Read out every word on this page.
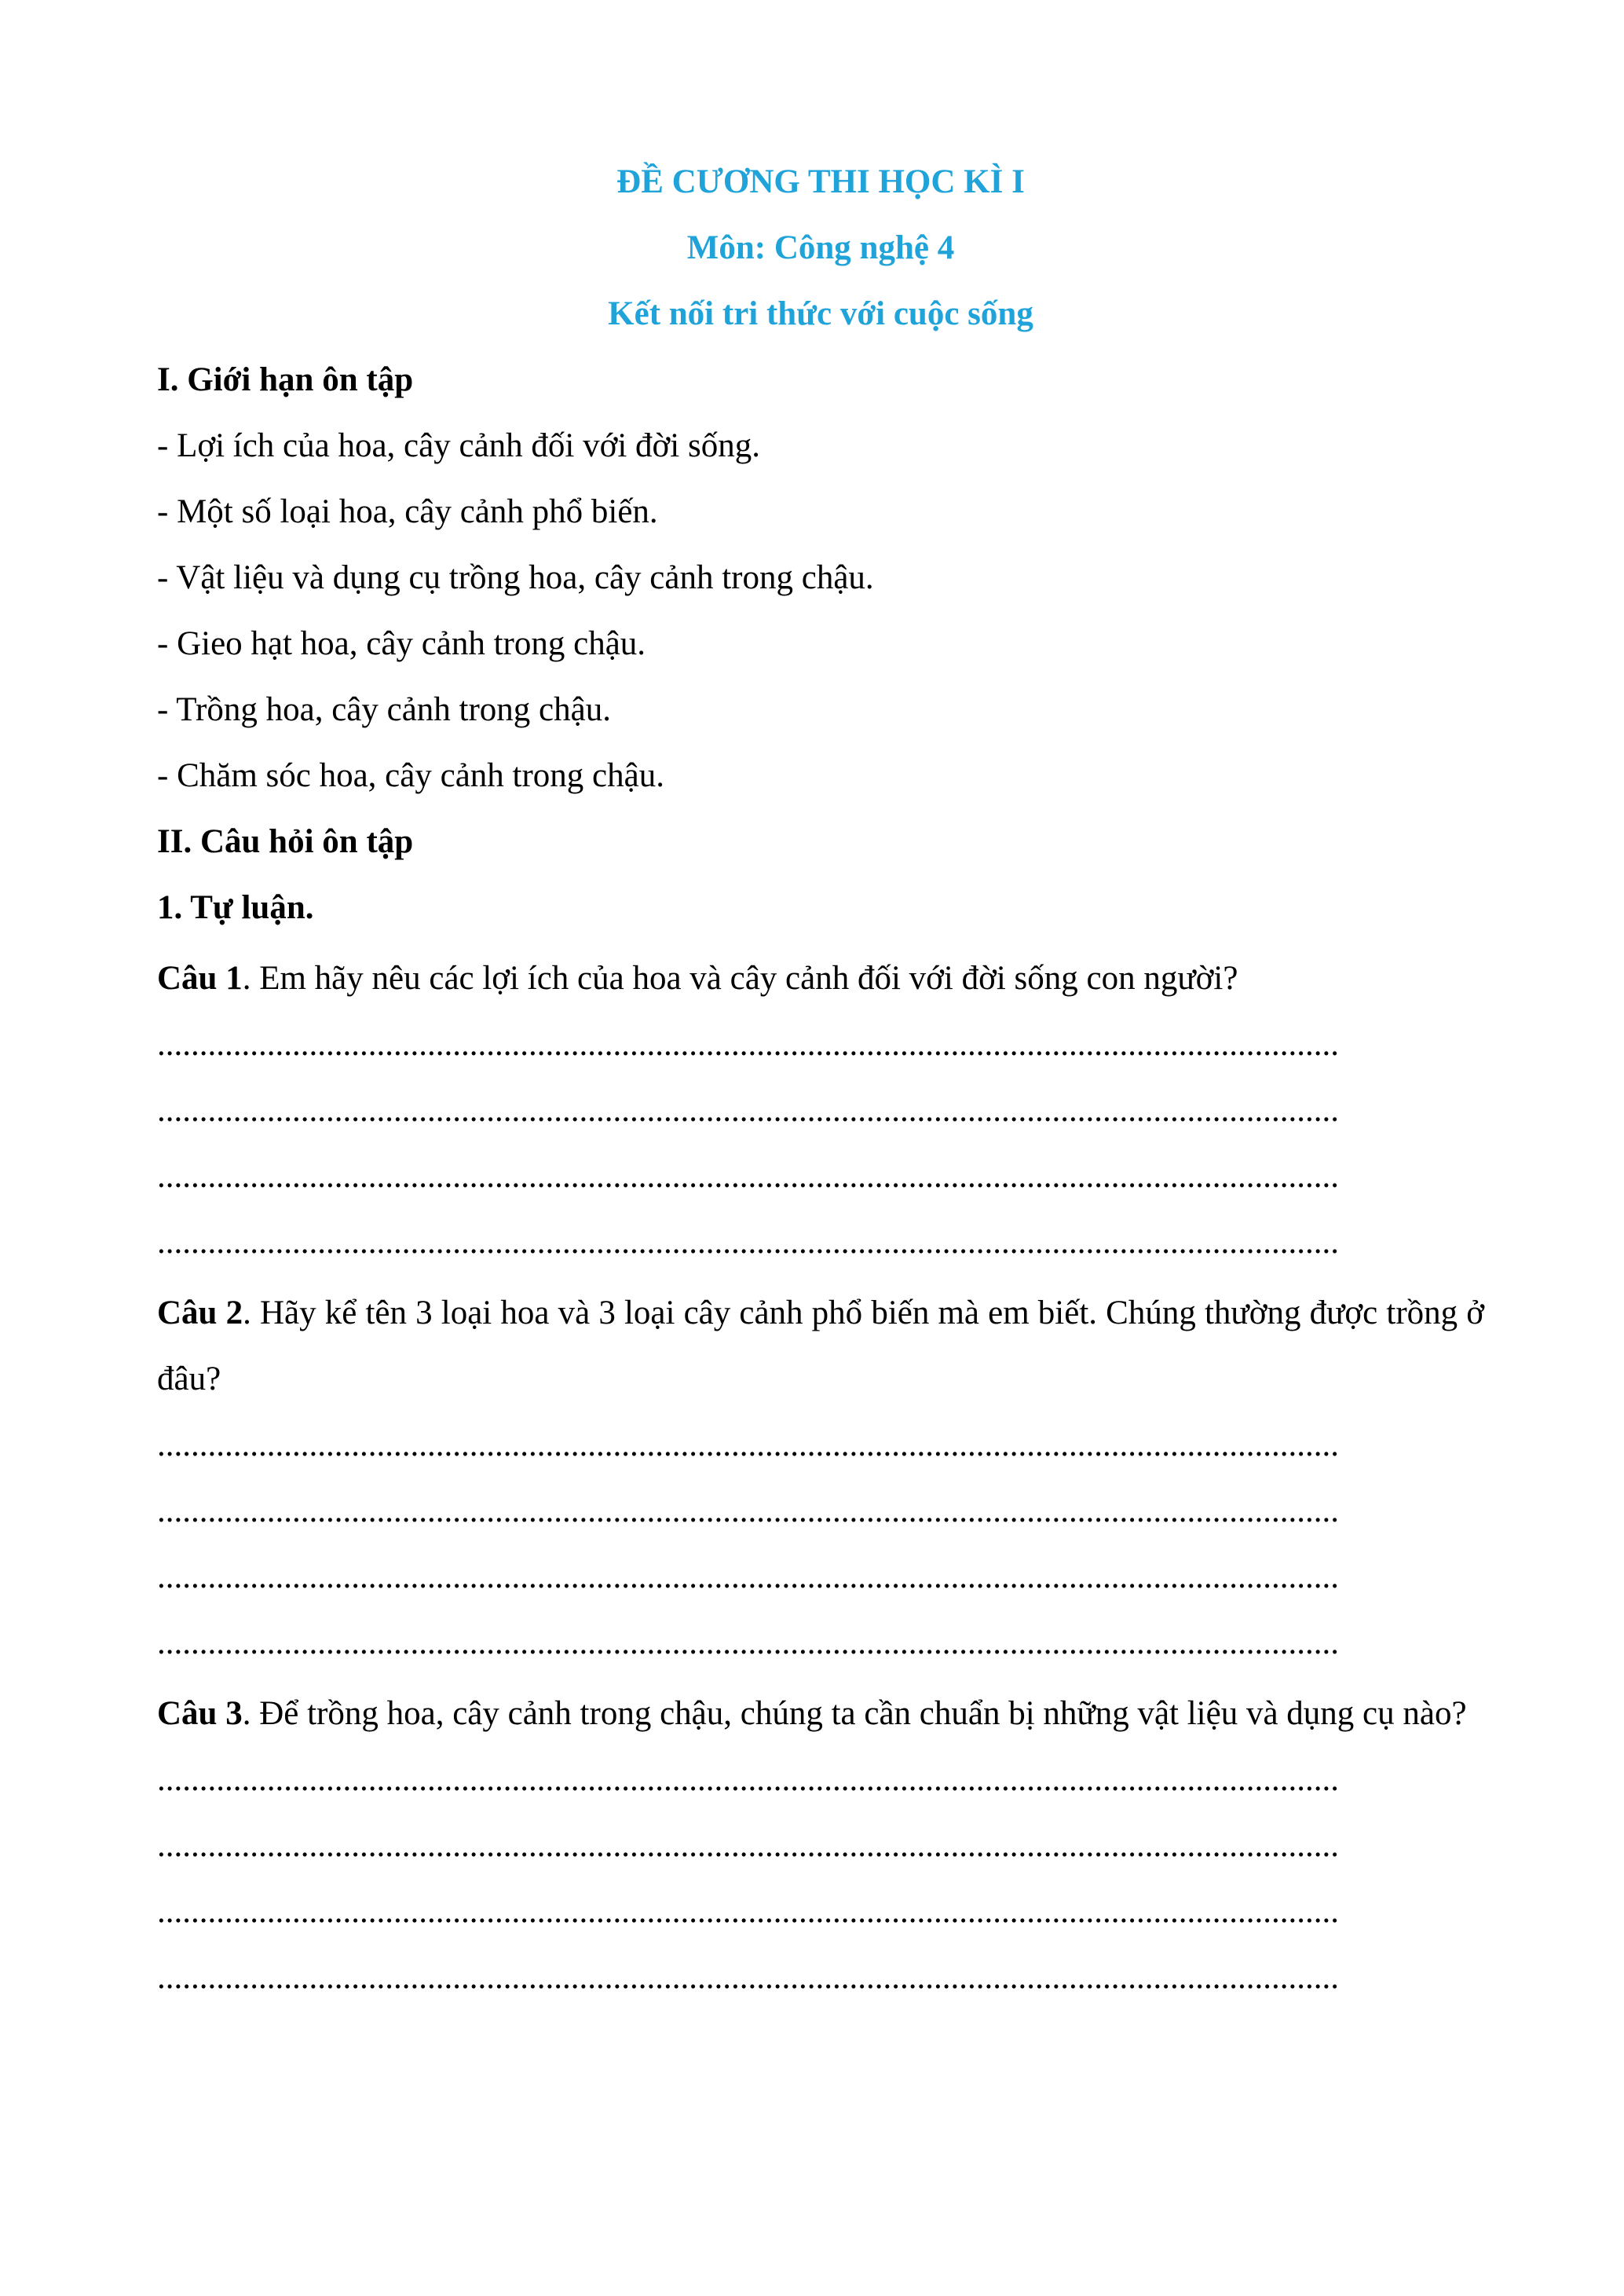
ĐỀ CƯƠNG THI HỌC KÌ I
Môn: Công nghệ 4
Kết nối tri thức với cuộc sống
I. Giới hạn ôn tập
- Lợi ích của hoa, cây cảnh đối với đời sống.
- Một số loại hoa, cây cảnh phổ biến.
- Vật liệu và dụng cụ trồng hoa, cây cảnh trong chậu.
- Gieo hạt hoa, cây cảnh trong chậu.
- Trồng hoa, cây cảnh trong chậu.
- Chăm sóc hoa, cây cảnh trong chậu.
II. Câu hỏi ôn tập
1. Tự luận.
Câu 1. Em hãy nêu các lợi ích của hoa và cây cảnh đối với đời sống con người?
............................................................................................................................................
............................................................................................................................................
............................................................................................................................................
............................................................................................................................................
Câu 2. Hãy kể tên 3 loại hoa và 3 loại cây cảnh phổ biến mà em biết. Chúng thường được trồng ở đâu?
............................................................................................................................................
............................................................................................................................................
............................................................................................................................................
............................................................................................................................................
Câu 3. Để trồng hoa, cây cảnh trong chậu, chúng ta cần chuẩn bị những vật liệu và dụng cụ nào?
............................................................................................................................................
............................................................................................................................................
............................................................................................................................................
............................................................................................................................................
